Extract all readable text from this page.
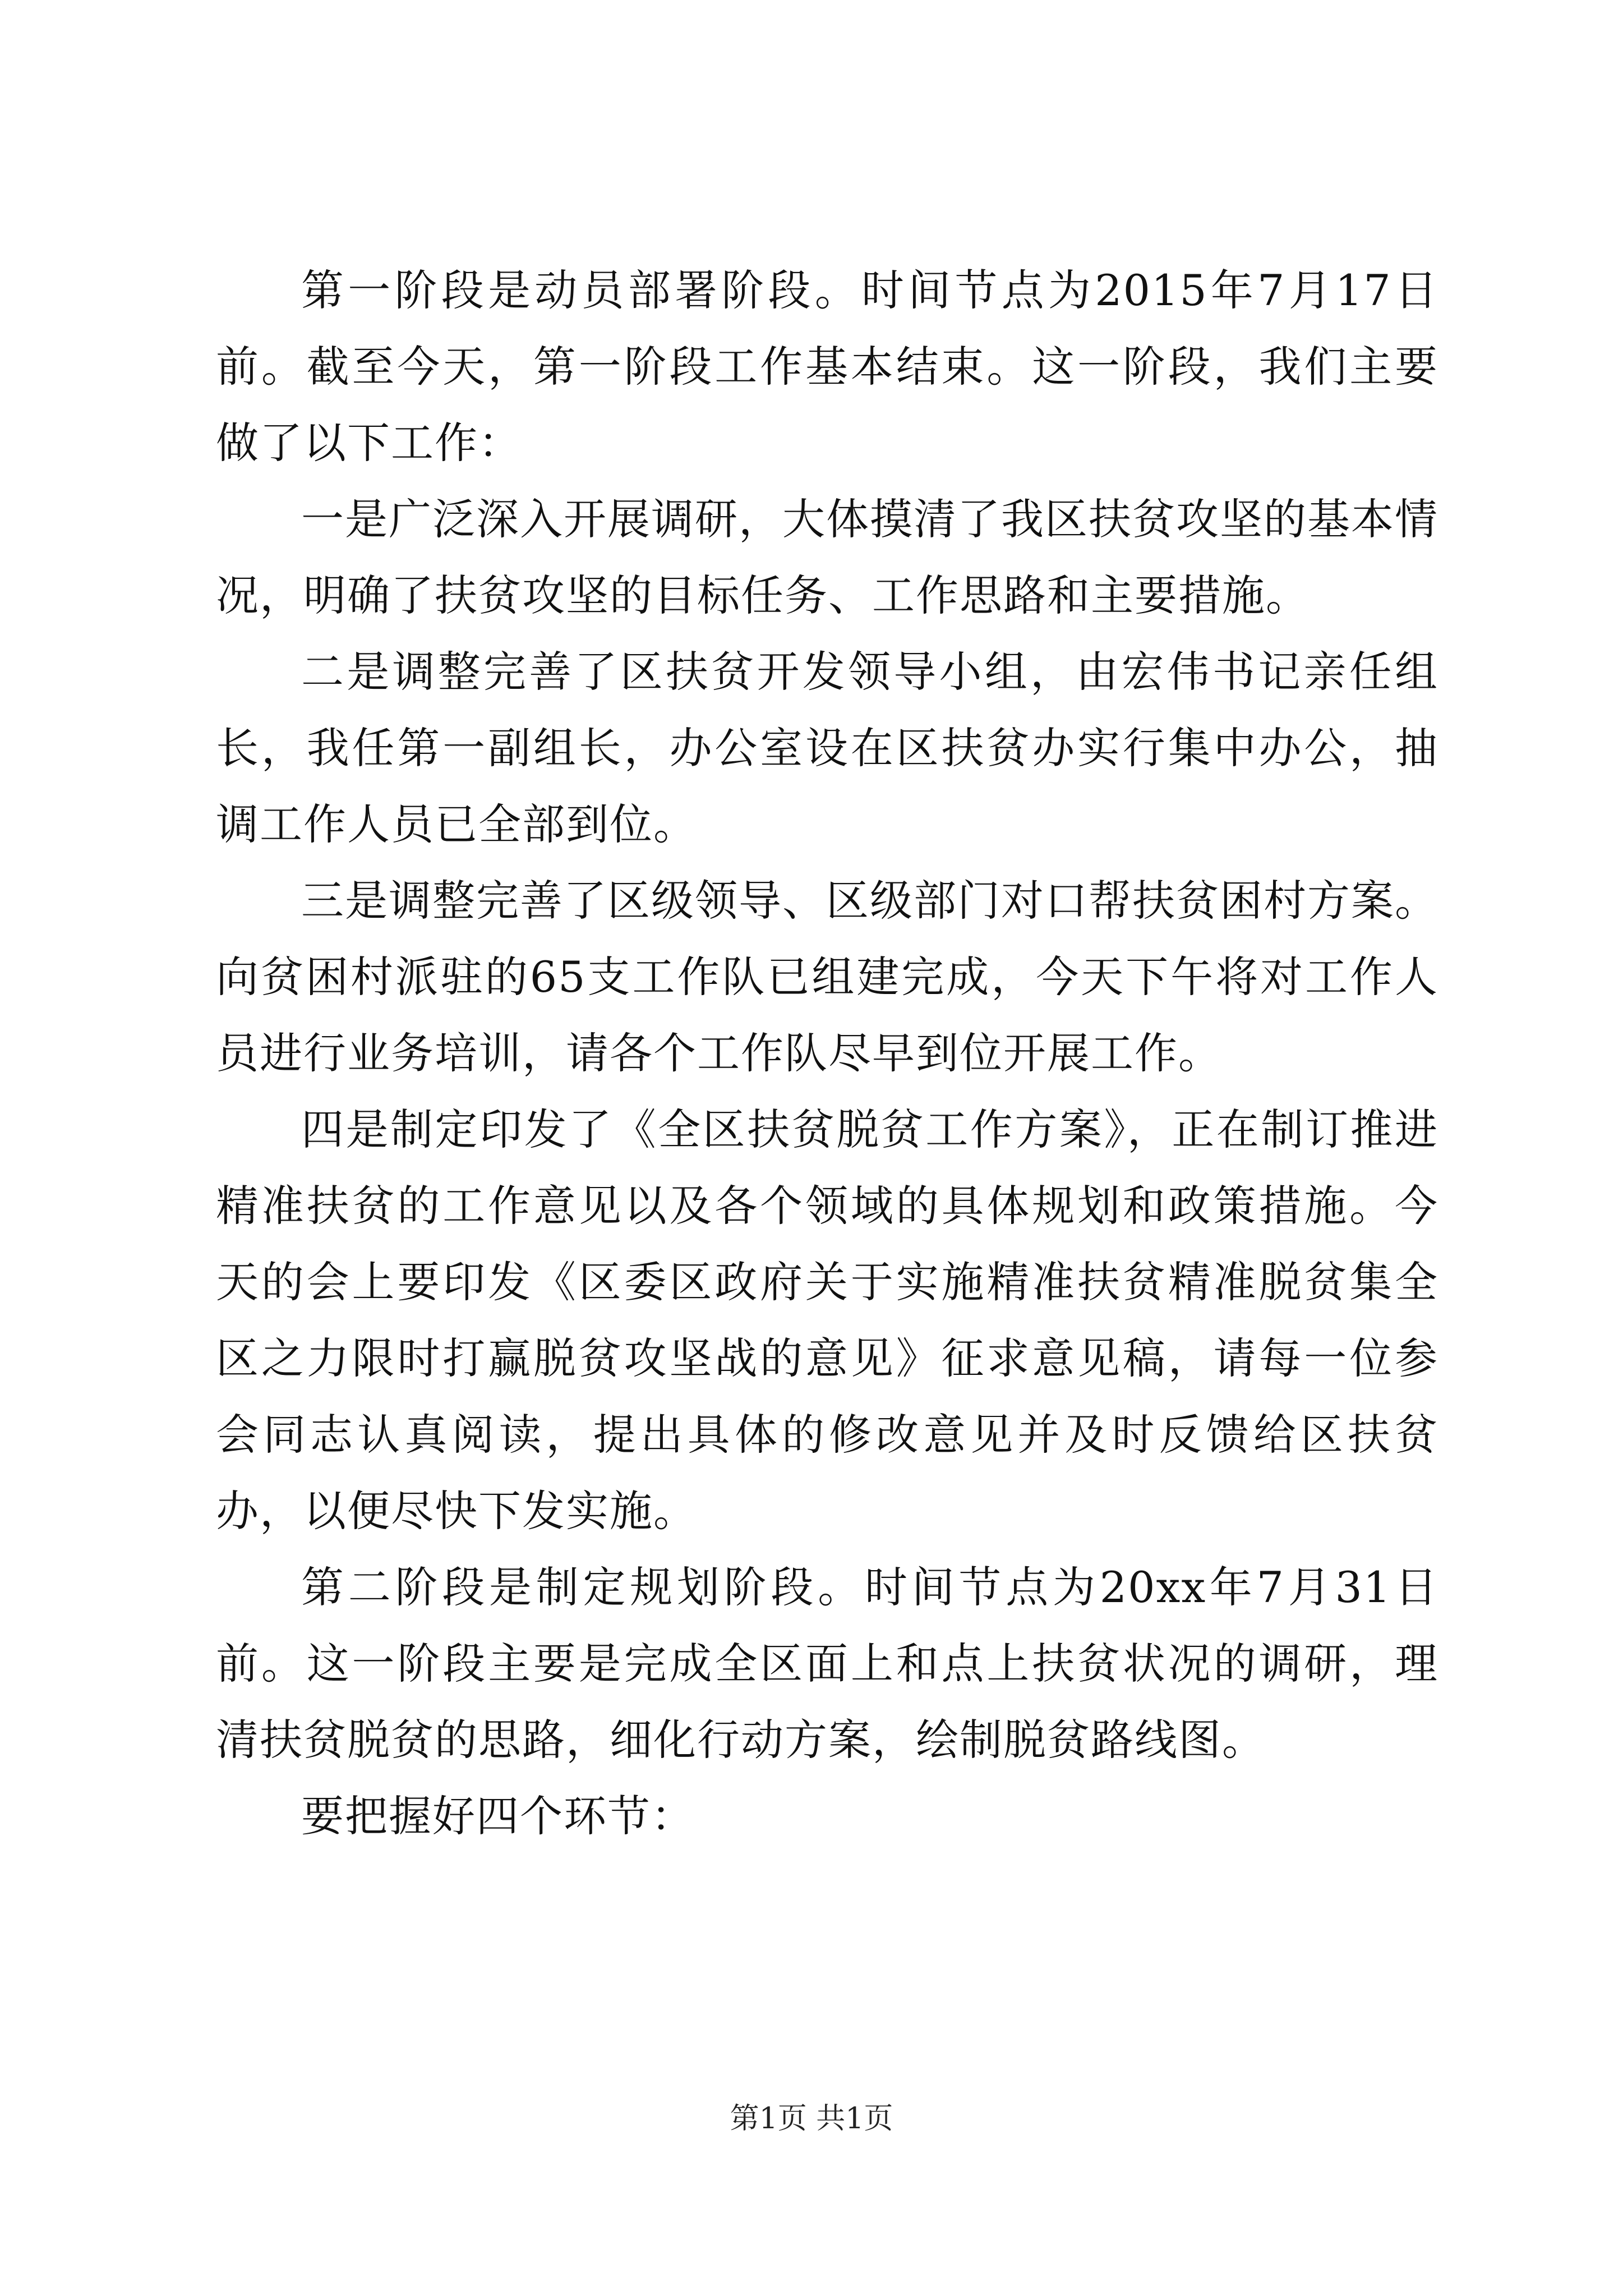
第一阶段是动员部署阶段。时间节点为2015年7月17日前。截至今天，第一阶段工作基本结束。这一阶段，我们主要做了以下工作：

一是广泛深入开展调研，大体摸清了我区扶贫攻坚的基本情况，明确了扶贫攻坚的目标任务、工作思路和主要措施。

二是调整完善了区扶贫开发领导小组，由宏伟书记亲任组长，我任第一副组长，办公室设在区扶贫办实行集中办公，抽调工作人员已全部到位。

三是调整完善了区级领导、区级部门对口帮扶贫困村方案。向贫困村派驻的65支工作队已组建完成，今天下午将对工作人员进行业务培训，请各个工作队尽早到位开展工作。

四是制定印发了《全区扶贫脱贫工作方案》，正在制订推进精准扶贫的工作意见以及各个领域的具体规划和政策措施。今天的会上要印发《区委区政府关于实施精准扶贫精准脱贫集全区之力限时打赢脱贫攻坚战的意见》征求意见稿，请每一位参会同志认真阅读，提出具体的修改意见并及时反馈给区扶贫办，以便尽快下发实施。

第二阶段是制定规划阶段。时间节点为20xx年7月31日前。这一阶段主要是完成全区面上和点上扶贫状况的调研，理清扶贫脱贫的思路，细化行动方案，绘制脱贫路线图。

要把握好四个环节：

第1页 共1页
